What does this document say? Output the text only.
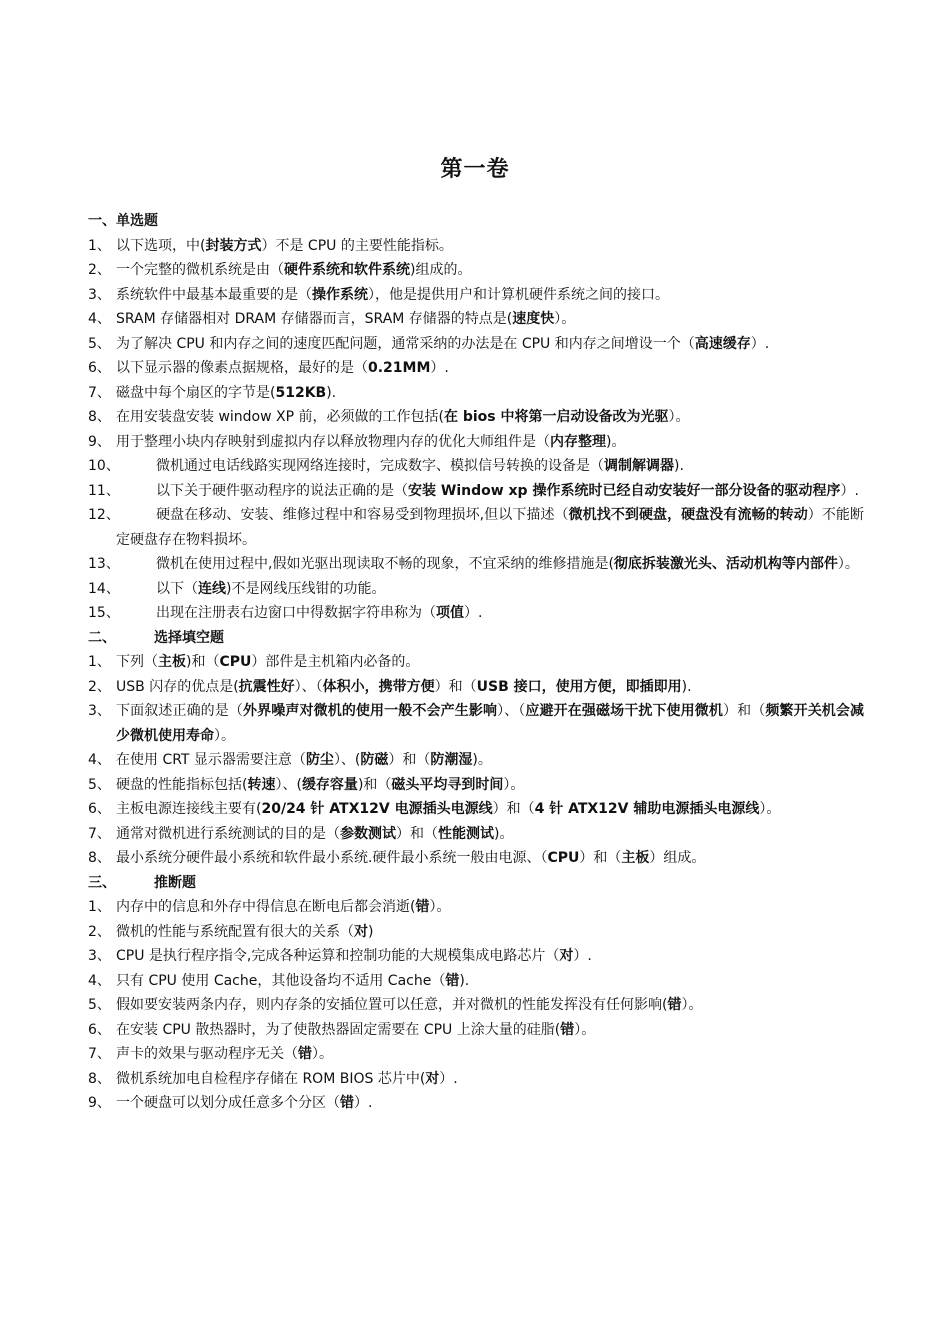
第一卷
一、单选题
1、 以下选项，中(封装方式）不是 CPU 的主要性能指标。
2、 一个完整的微机系统是由（硬件系统和软件系统)组成的。
3、 系统软件中最基本最重要的是（操作系统），他是提供用户和计算机硬件系统之间的接口。
4、 SRAM 存储器相对 DRAM 存储器而言，SRAM 存储器的特点是(速度快）。
5、 为了解决 CPU 和内存之间的速度匹配问题，通常采纳的办法是在 CPU 和内存之间增设一个（高速缓存）.
6、 以下显示器的像素点据规格，最好的是（0.21MM）.
7、 磁盘中每个扇区的字节是(512KB).
8、 在用安装盘安装 window XP 前，必须做的工作包括(在 bios 中将第一启动设备改为光驱）。
9、 用于整理小块内存映射到虚拟内存以释放物理内存的优化大师组件是（内存整理)。
10、	微机通过电话线路实现网络连接时，完成数字、模拟信号转换的设备是（调制解调器).
11、	以下关于硬件驱动程序的说法正确的是（安装 Window xp 操作系统时已经自动安装好一部分设备的驱动程序）.
12、	硬盘在移动、安装、维修过程中和容易受到物理损坏,但以下描述（微机找不到硬盘，硬盘没有流畅的转动）不能断定硬盘存在物料损坏。
13、	微机在使用过程中,假如光驱出现读取不畅的现象，不宜采纳的维修措施是(彻底拆装激光头、活动机构等内部件）。
14、	以下（连线)不是网线压线钳的功能。
15、	出现在注册表右边窗口中得数据字符串称为（项值）.
二、	选择填空题
1、 下列（主板)和（CPU）部件是主机箱内必备的。
2、 USB 闪存的优点是(抗震性好）、（体积小，携带方便）和（USB 接口，使用方便，即插即用).
3、 下面叙述正确的是（外界噪声对微机的使用一般不会产生影响）、（应避开在强磁场干扰下使用微机）和（频繁开关机会减少微机使用寿命）。
4、 在使用 CRT 显示器需要注意（防尘）、(防磁）和（防潮湿)。
5、 硬盘的性能指标包括(转速）、(缓存容量)和（磁头平均寻到时间）。
6、 主板电源连接线主要有(20/24 针 ATX12V 电源插头电源线）和（4 针 ATX12V 辅助电源插头电源线）。
7、 通常对微机进行系统测试的目的是（参数测试）和（性能测试)。
8、 最小系统分硬件最小系统和软件最小系统.硬件最小系统一般由电源、（CPU）和（主板）组成。
三、	推断题
1、 内存中的信息和外存中得信息在断电后都会消逝(错）。
2、 微机的性能与系统配置有很大的关系（对)
3、 CPU 是执行程序指令,完成各种运算和控制功能的大规模集成电路芯片（对）.
4、 只有 CPU 使用 Cache，其他设备均不适用 Cache（错).
5、 假如要安装两条内存，则内存条的安插位置可以任意，并对微机的性能发挥没有任何影响(错）。
6、 在安装 CPU 散热器时，为了使散热器固定需要在 CPU 上涂大量的硅脂(错）。
7、 声卡的效果与驱动程序无关（错）。
8、 微机系统加电自检程序存储在 ROM BIOS 芯片中(对）.
9、 一个硬盘可以划分成任意多个分区（错）.
